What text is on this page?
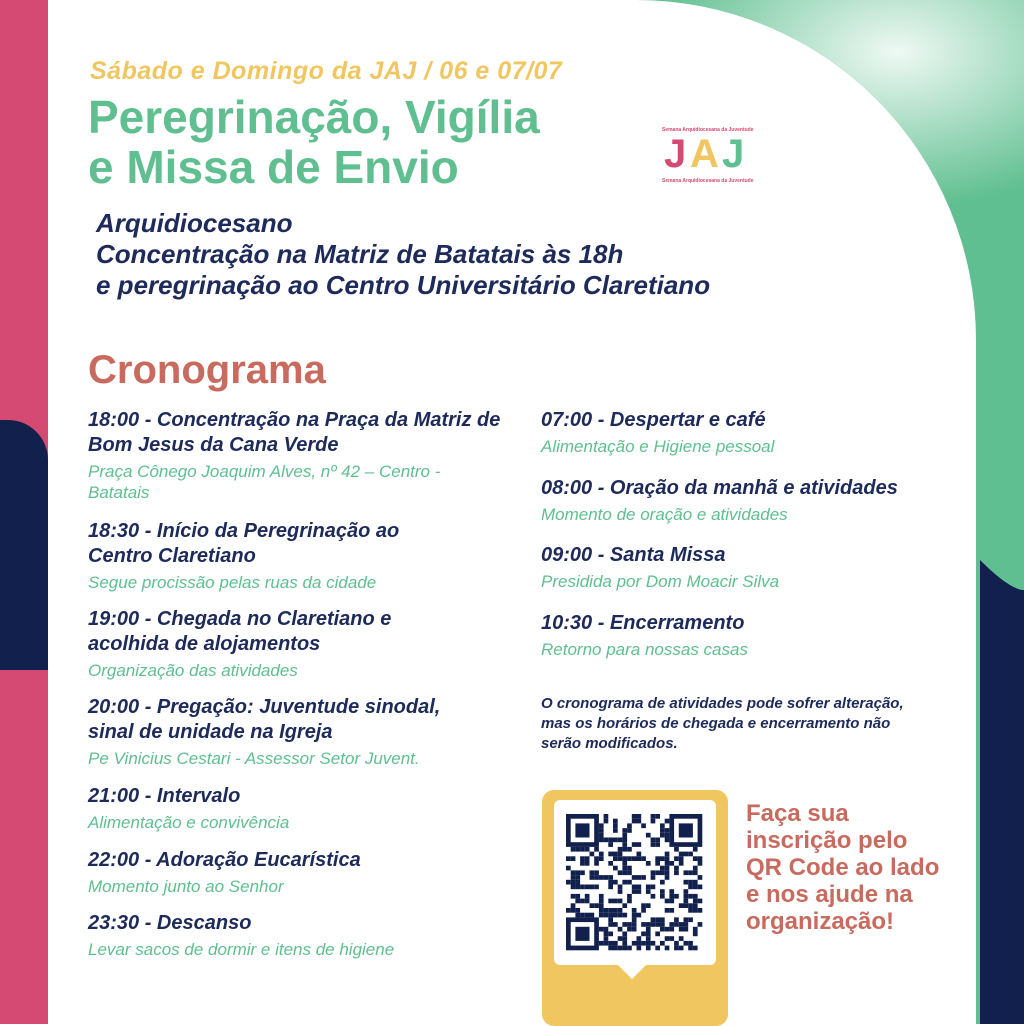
Sábado e Domingo da JAJ / 06 e 07/07
Peregrinação, Vigília
e Missa de Envio
Semana Arquidiocesana da Juventude
J A J
Semana Arquidiocesana da Juventude
Arquidiocesano
Concentração na Matriz de Batatais às 18h
e peregrinação ao Centro Universitário Claretiano
Cronograma
18:00 - Concentração na Praça da Matriz de Bom Jesus da Cana Verde
Praça Cônego Joaquim Alves, nº 42 – Centro - Batatais
18:30 - Início da Peregrinação ao Centro Claretiano
Segue procissão pelas ruas da cidade
19:00 - Chegada no Claretiano e acolhida de alojamentos
Organização das atividades
20:00 - Pregação: Juventude sinodal, sinal de unidade na Igreja
Pe Vinicius Cestari - Assessor Setor Juvent.
21:00 - Intervalo
Alimentação e convivência
22:00 - Adoração Eucarística
Momento junto ao Senhor
23:30 - Descanso
Levar sacos de dormir e itens de higiene
07:00 - Despertar e café
Alimentação e Higiene pessoal
08:00 - Oração da manhã e atividades
Momento de oração e atividades
09:00 - Santa Missa
Presidida por Dom Moacir Silva
10:30 - Encerramento
Retorno para nossas casas
O cronograma de atividades pode sofrer alteração, mas os horários de chegada e encerramento não serão modificados.
Faça sua inscrição pelo QR Code ao lado e nos ajude na organização!
